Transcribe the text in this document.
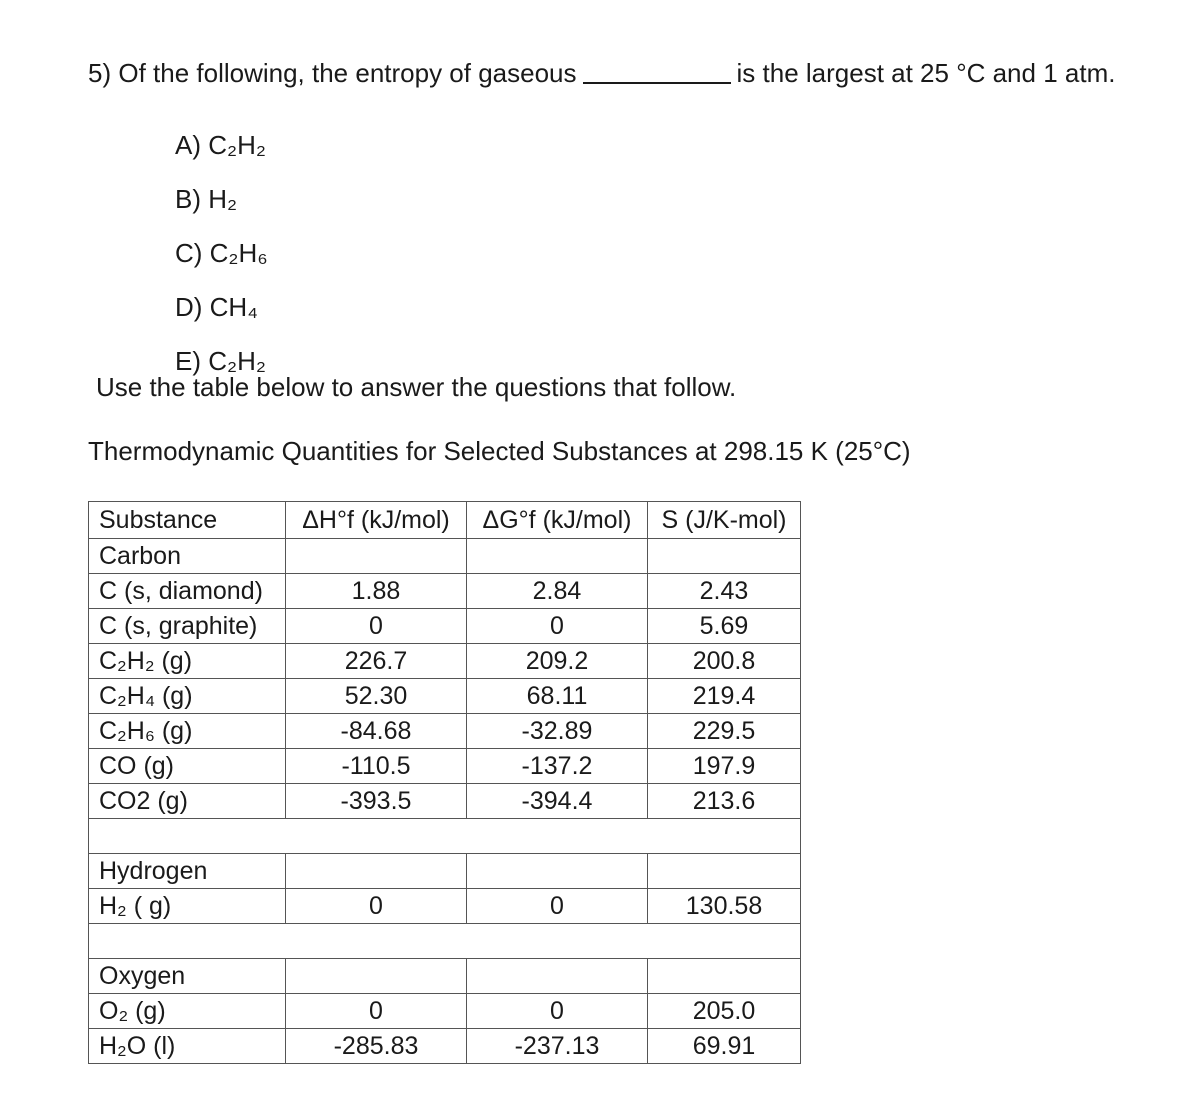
5) Of the following, the entropy of gaseous	is the largest at 25 °C and 1 atm.
A) C₂H₂
B) H₂
C) C₂H₆
D) CH₄
E) C₂H₂
Use the table below to answer the questions that follow.
Thermodynamic Quantities for Selected Substances at 298.15 K (25°C)
Substance	ΔH°f (kJ/mol)	ΔG°f (kJ/mol)	S (J/K-mol)
Carbon			
C (s, diamond)	1.88	2.84	2.43
C (s, graphite)	0	0	5.69
C₂H₂ (g)	226.7	209.2	200.8
C₂H₄ (g)	52.30	68.11	219.4
C₂H₆ (g)	-84.68	-32.89	229.5
CO (g)	-110.5	-137.2	197.9
CO2 (g)	-393.5	-394.4	213.6

Hydrogen			
H₂ ( g)	0	0	130.58

Oxygen			
O₂ (g)	0	0	205.0
H₂O (l)	-285.83	-237.13	69.91
